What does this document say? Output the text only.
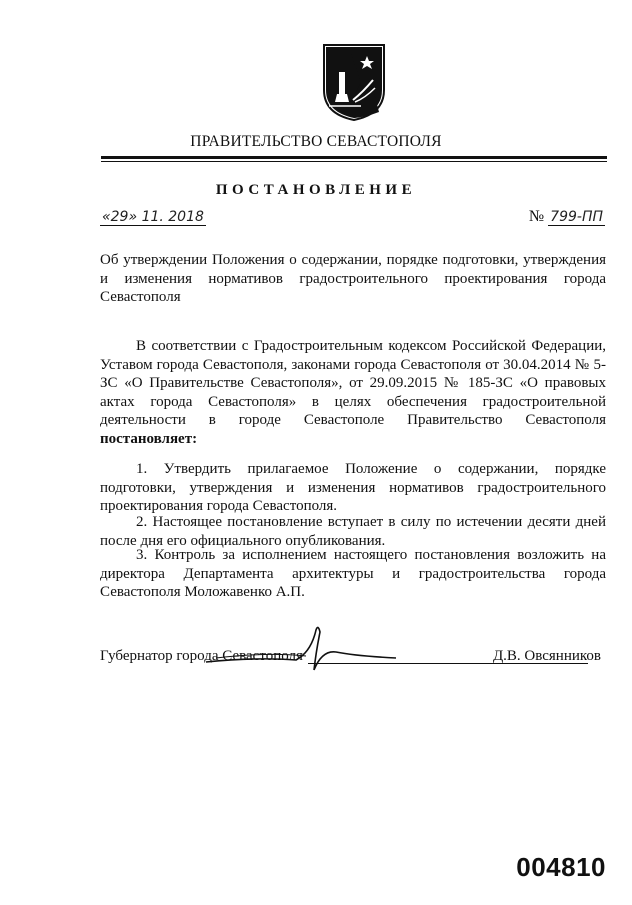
ПРАВИТЕЛЬСТВО СЕВАСТОПОЛЯ
ПОСТАНОВЛЕНИЕ
«29» 11. 2018	№ 799-ПП
Об утверждении Положения о содержании, порядке подготовки, утверждения и изменения нормативов градостроительного проектирования города Севастополя
В соответствии с Градостроительным кодексом Российской Федерации, Уставом города Севастополя, законами города Севастополя от 30.04.2014 № 5-ЗС «О Правительстве Севастополя», от 29.09.2015 № 185-ЗС «О правовых актах города Севастополя» в целях обеспечения градостроительной деятельности в городе Севастополе Правительство Севастополя постановляет:
1. Утвердить прилагаемое Положение о содержании, порядке подготовки, утверждения и изменения нормативов градостроительного проектирования города Севастополя.
2. Настоящее постановление вступает в силу по истечении десяти дней после дня его официального опубликования.
3. Контроль за исполнением настоящего постановления возложить на директора Департамента архитектуры и градостроительства города Севастополя Моложавенко А.П.
Губернатор города Севастополя	Д.В. Овсянников
004810
